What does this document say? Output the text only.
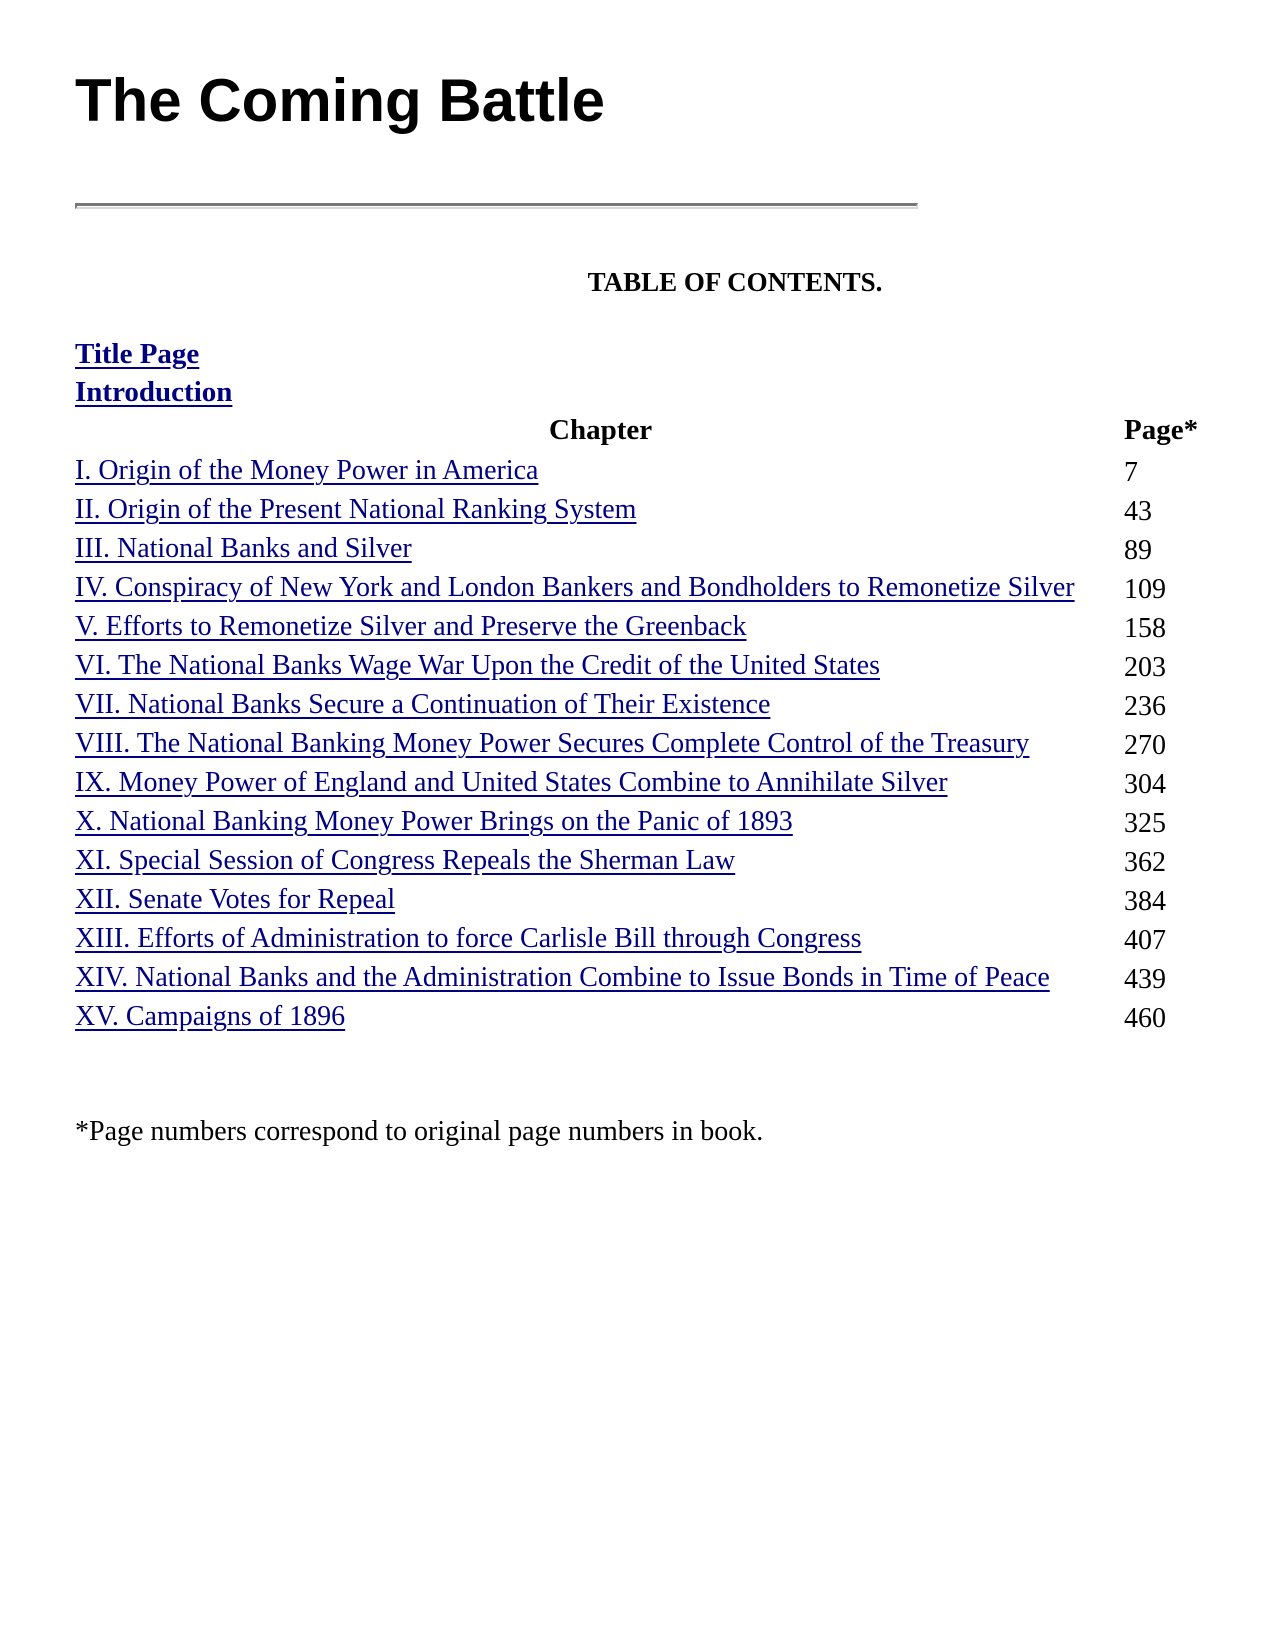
The Coming Battle
TABLE OF CONTENTS.
Title Page
Introduction
Chapter	Page*
I. Origin of the Money Power in America	7
II. Origin of the Present National Ranking System	43
III. National Banks and Silver	89
IV. Conspiracy of New York and London Bankers and Bondholders to Remonetize Silver 109
V. Efforts to Remonetize Silver and Preserve the Greenback	158
VI. The National Banks Wage War Upon the Credit of the United States	203
VII. National Banks Secure a Continuation of Their Existence	236
VIII. The National Banking Money Power Secures Complete Control of the Treasury	270
IX. Money Power of England and United States Combine to Annihilate Silver	304
X. National Banking Money Power Brings on the Panic of 1893	325
XI. Special Session of Congress Repeals the Sherman Law	362
XII. Senate Votes for Repeal	384
XIII. Efforts of Administration to force Carlisle Bill through Congress	407
XIV. National Banks and the Administration Combine to Issue Bonds in Time of Peace	439
XV. Campaigns of 1896	460

*Page numbers correspond to original page numbers in book.
